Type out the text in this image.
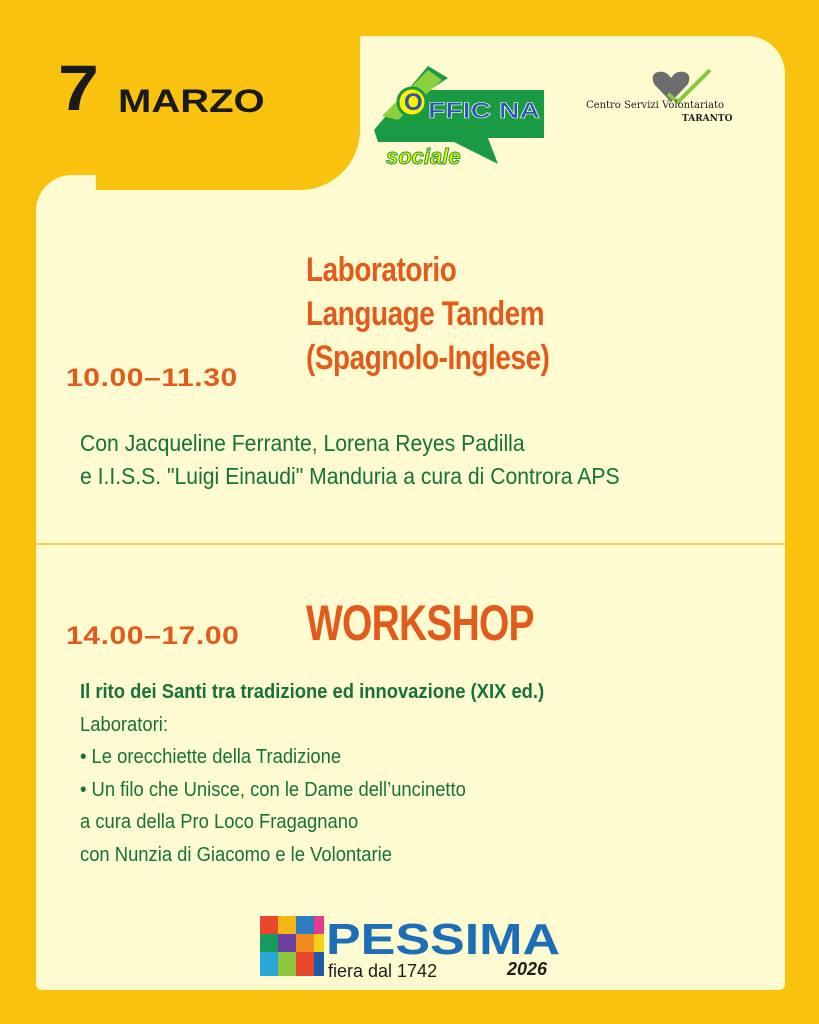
7 MARZO	O FFIC NA
sociale
Centro Servizi Volontariato
TARANTO
Laboratorio
Language Tandem
(Spagnolo-Inglese)
10.00–11.30
Con Jacqueline Ferrante, Lorena Reyes Padilla
e I.I.S.S. "Luigi Einaudi" Manduria a cura di Controra APS
14.00–17.00 WORKSHOP
Il rito dei Santi tra tradizione ed innovazione (XIX ed.)
Laboratori:
• Le orecchiette della Tradizione
• Un filo che Unisce, con le Dame dell’uncinetto
a cura della Pro Loco Fragagnano
con Nunzia di Giacomo e le Volontarie
PESSIMA
fiera dal 1742	2026
